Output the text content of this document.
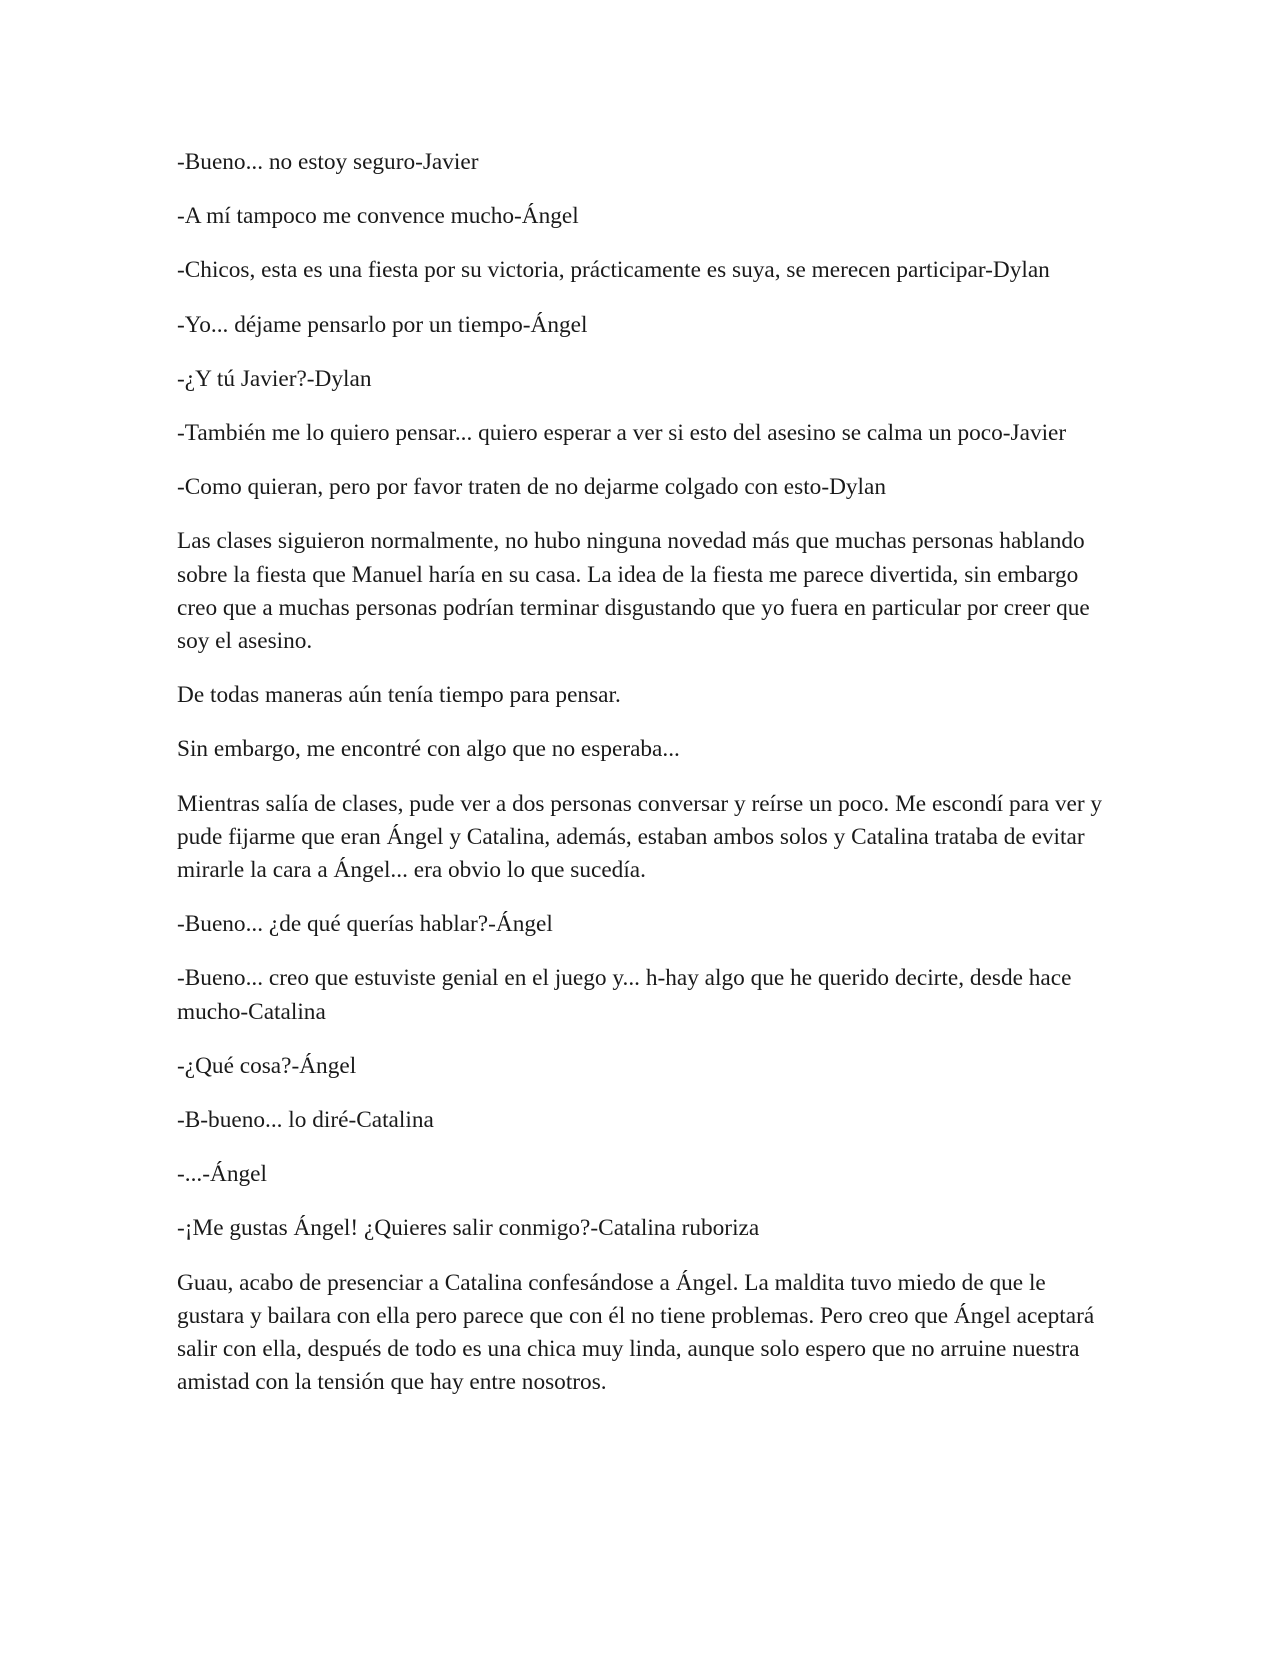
-Bueno... no estoy seguro-Javier

-A mí tampoco me convence mucho-Ángel

-Chicos, esta es una fiesta por su victoria, prácticamente es suya, se merecen participar-Dylan

-Yo... déjame pensarlo por un tiempo-Ángel

-¿Y tú Javier?-Dylan

-También me lo quiero pensar... quiero esperar a ver si esto del asesino se calma un poco-Javier

-Como quieran, pero por favor traten de no dejarme colgado con esto-Dylan

Las clases siguieron normalmente, no hubo ninguna novedad más que muchas personas hablando sobre la fiesta que Manuel haría en su casa. La idea de la fiesta me parece divertida, sin embargo creo que a muchas personas podrían terminar disgustando que yo fuera en particular por creer que soy el asesino.

De todas maneras aún tenía tiempo para pensar.

Sin embargo, me encontré con algo que no esperaba...

Mientras salía de clases, pude ver a dos personas conversar y reírse un poco. Me escondí para ver y pude fijarme que eran Ángel y Catalina, además, estaban ambos solos y Catalina trataba de evitar mirarle la cara a Ángel... era obvio lo que sucedía.

-Bueno... ¿de qué querías hablar?-Ángel

-Bueno... creo que estuviste genial en el juego y... h-hay algo que he querido decirte, desde hace mucho-Catalina

-¿Qué cosa?-Ángel

-B-bueno... lo diré-Catalina

-...-Ángel

-¡Me gustas Ángel! ¿Quieres salir conmigo?-Catalina ruboriza

Guau, acabo de presenciar a Catalina confesándose a Ángel. La maldita tuvo miedo de que le gustara y bailara con ella pero parece que con él no tiene problemas. Pero creo que Ángel aceptará salir con ella, después de todo es una chica muy linda, aunque solo espero que no arruine nuestra amistad con la tensión que hay entre nosotros.
